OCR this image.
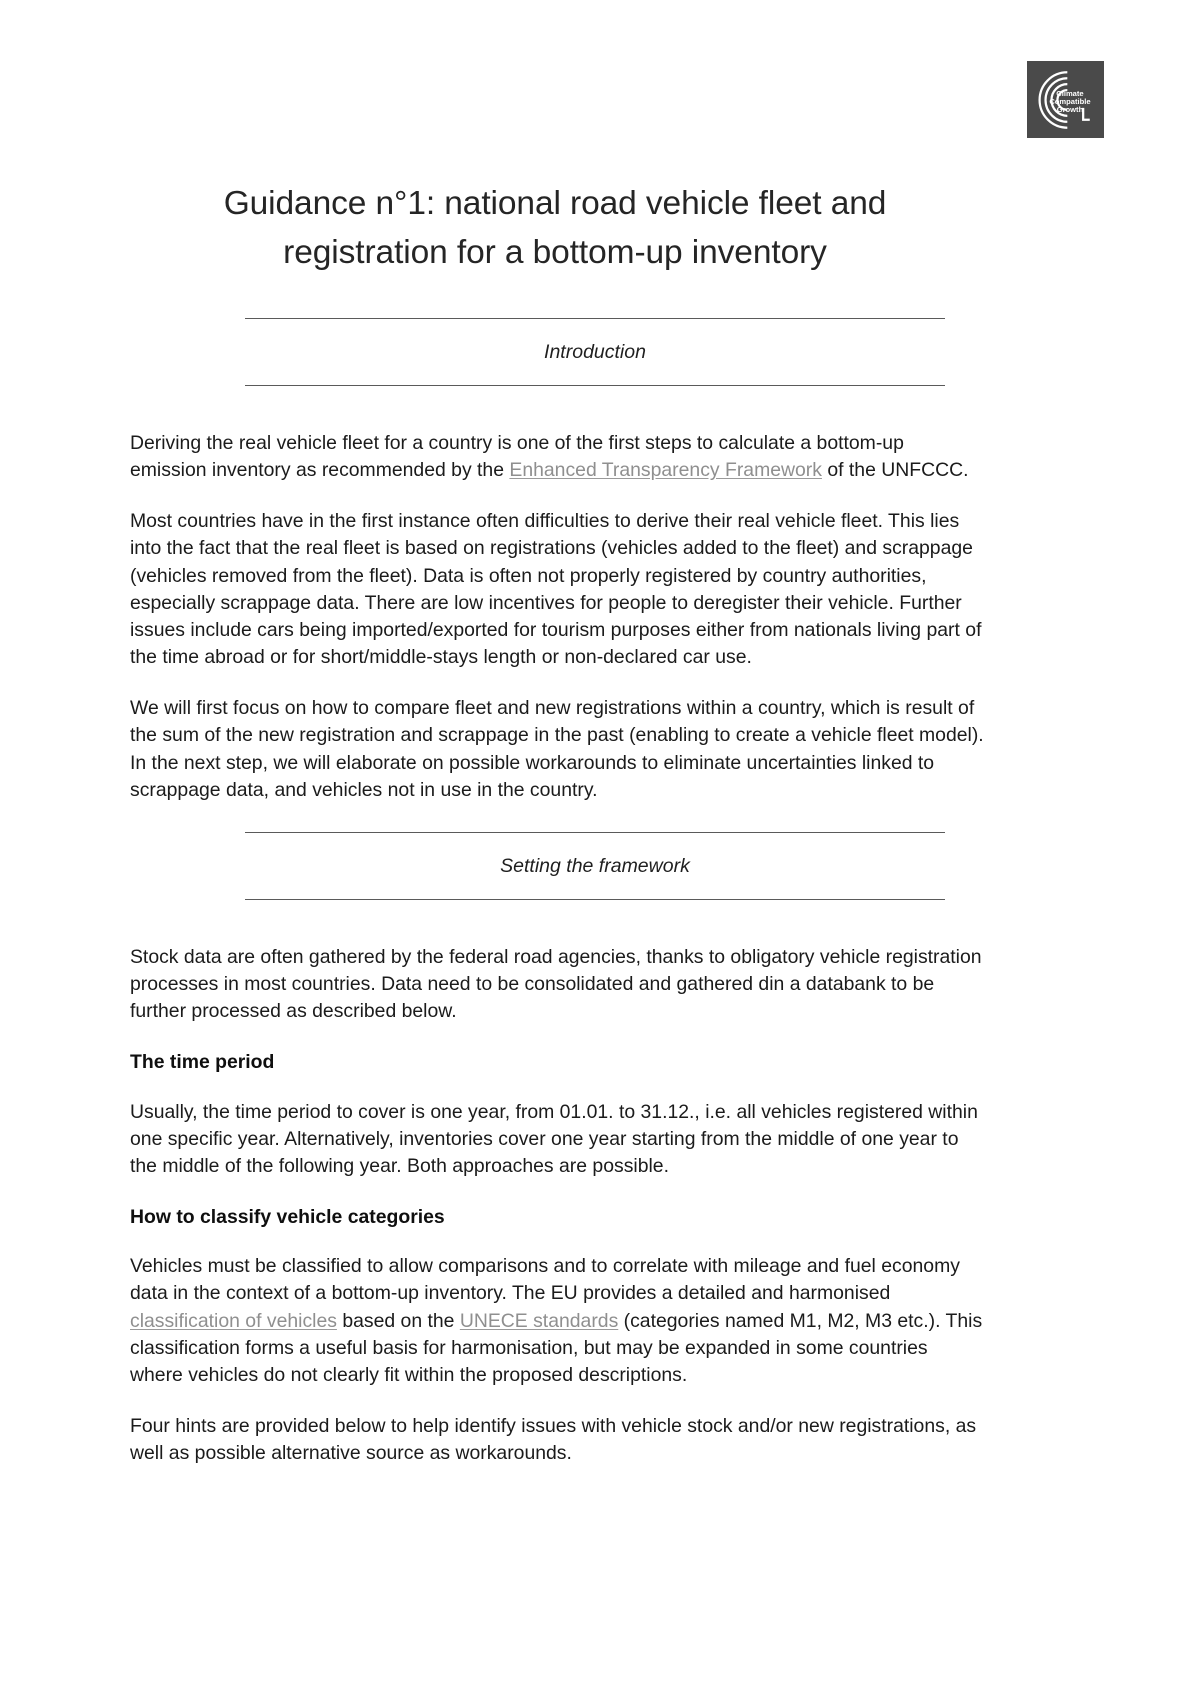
Climate
Compatible
Growth
Guidance n°1: national road vehicle fleet and
registration for a bottom-up inventory
Introduction

Deriving the real vehicle fleet for a country is one of the first steps to calculate a bottom-up emission inventory as recommended by the Enhanced Transparency Framework of the UNFCCC.

Most countries have in the first instance often difficulties to derive their real vehicle fleet. This lies into the fact that the real fleet is based on registrations (vehicles added to the fleet) and scrappage (vehicles removed from the fleet). Data is often not properly registered by country authorities, especially scrappage data. There are low incentives for people to deregister their vehicle. Further issues include cars being imported/exported for tourism purposes either from nationals living part of the time abroad or for short/middle-stays length or non-declared car use.

We will first focus on how to compare fleet and new registrations within a country, which is result of the sum of the new registration and scrappage in the past (enabling to create a vehicle fleet model). In the next step, we will elaborate on possible workarounds to eliminate uncertainties linked to scrappage data, and vehicles not in use in the country.

Setting the framework

Stock data are often gathered by the federal road agencies, thanks to obligatory vehicle registration processes in most countries. Data need to be consolidated and gathered din a databank to be further processed as described below.

The time period

Usually, the time period to cover is one year, from 01.01. to 31.12., i.e. all vehicles registered within one specific year. Alternatively, inventories cover one year starting from the middle of one year to the middle of the following year. Both approaches are possible.

How to classify vehicle categories

Vehicles must be classified to allow comparisons and to correlate with mileage and fuel economy data in the context of a bottom-up inventory. The EU provides a detailed and harmonised classification of vehicles based on the UNECE standards (categories named M1, M2, M3 etc.). This classification forms a useful basis for harmonisation, but may be expanded in some countries where vehicles do not clearly fit within the proposed descriptions.

Four hints are provided below to help identify issues with vehicle stock and/or new registrations, as well as possible alternative source as workarounds.
